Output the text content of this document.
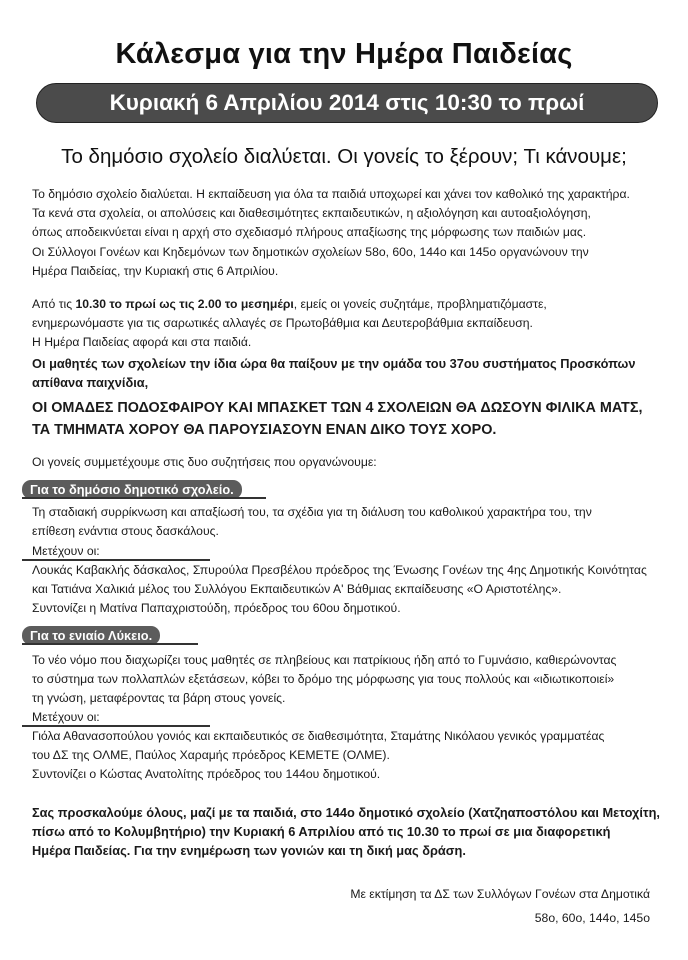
Κάλεσμα για την Ημέρα Παιδείας
Κυριακή 6 Απριλίου 2014 στις 10:30 το πρωί
Το δημόσιο σχολείο διαλύεται. Οι γονείς το ξέρουν; Τι κάνουμε;
Το δημόσιο σχολείο διαλύεται. Η εκπαίδευση για όλα τα παιδιά υποχωρεί και χάνει τον καθολικό της χαρακτήρα.
Τα κενά στα σχολεία, οι απολύσεις και διαθεσιμότητες εκπαιδευτικών, η αξιολόγηση και αυτοαξιολόγηση,
όπως αποδεικνύεται είναι η αρχή στο σχεδιασμό πλήρους απαξίωσης της μόρφωσης των παιδιών μας.
Οι Σύλλογοι Γονέων και Κηδεμόνων των δημοτικών σχολείων 58ο, 60ο, 144ο και 145ο οργανώνουν την
Ημέρα Παιδείας, την Κυριακή στις 6 Απριλίου.
Από τις 10.30 το πρωί ως τις 2.00 το μεσημέρι, εμείς οι γονείς συζητάμε, προβληματιζόμαστε,
ενημερωνόμαστε για τις σαρωτικές αλλαγές σε Πρωτοβάθμια και Δευτεροβάθμια εκπαίδευση.
Η Ημέρα Παιδείας αφορά και στα παιδιά.
Οι μαθητές των σχολείων την ίδια ώρα θα παίξουν με την ομάδα του 37ου συστήματος Προσκόπων
απίθανα παιχνίδια,
ΟΙ ΟΜΑΔΕΣ ΠΟΔΟΣΦΑΙΡΟΥ ΚΑΙ ΜΠΑΣΚΕΤ ΤΩΝ 4 ΣΧΟΛΕΙΩΝ ΘΑ ΔΩΣΟΥΝ ΦΙΛΙΚΑ ΜΑΤΣ,
ΤΑ ΤΜΗΜΑΤΑ ΧΟΡΟΥ ΘΑ ΠΑΡΟΥΣΙΑΣΟΥΝ ΕΝΑΝ ΔΙΚΟ ΤΟΥΣ ΧΟΡΟ.
Οι γονείς συμμετέχουμε στις δυο συζητήσεις που οργανώνουμε:
Για το δημόσιο δημοτικό σχολείο.
Τη σταδιακή συρρίκνωση και απαξίωσή του, τα σχέδια για τη διάλυση του καθολικού χαρακτήρα του, την
επίθεση ενάντια στους δασκάλους.
Μετέχουν οι:
Λουκάς Καβακλής δάσκαλος, Σπυρούλα Πρεσβέλου πρόεδρος της Ένωσης Γονέων της 4ης Δημοτικής Κοινότητας
και Τατιάνα Χαλικιά μέλος του Συλλόγου Εκπαιδευτικών Α' Βάθμιας εκπαίδευσης «Ο Αριστοτέλης».
Συντονίζει η Ματίνα Παπαχριστούδη, πρόεδρος του 60ου δημοτικού.
Για το ενιαίο Λύκειο.
Το νέο νόμο που διαχωρίζει τους μαθητές σε πληβείους και πατρίκιους ήδη από το Γυμνάσιο, καθιερώνοντας
το σύστημα των πολλαπλών εξετάσεων, κόβει το δρόμο της μόρφωσης για τους πολλούς και «ιδιωτικοποιεί»
τη γνώση, μεταφέροντας τα βάρη στους γονείς.
Μετέχουν οι:
Γιόλα Αθανασοπούλου γονιός και εκπαιδευτικός σε διαθεσιμότητα, Σταμάτης Νικόλαου γενικός γραμματέας
του ΔΣ της ΟΛΜΕ, Παύλος Χαραμής πρόεδρος ΚΕΜΕΤΕ (ΟΛΜΕ).
Συντονίζει ο Κώστας Ανατολίτης πρόεδρος του 144ου δημοτικού.
Σας προσκαλούμε όλους, μαζί με τα παιδιά, στο 144ο δημοτικό σχολείο (Χατζηαποστόλου και Μετοχίτη,
πίσω από το Κολυμβητήριο) την Κυριακή 6 Απριλίου από τις 10.30 το πρωί σε μια διαφορετική
Ημέρα Παιδείας. Για την ενημέρωση των γονιών και τη δική μας δράση.
Με εκτίμηση τα ΔΣ των Συλλόγων Γονέων στα Δημοτικά
58ο, 60ο, 144ο, 145ο
